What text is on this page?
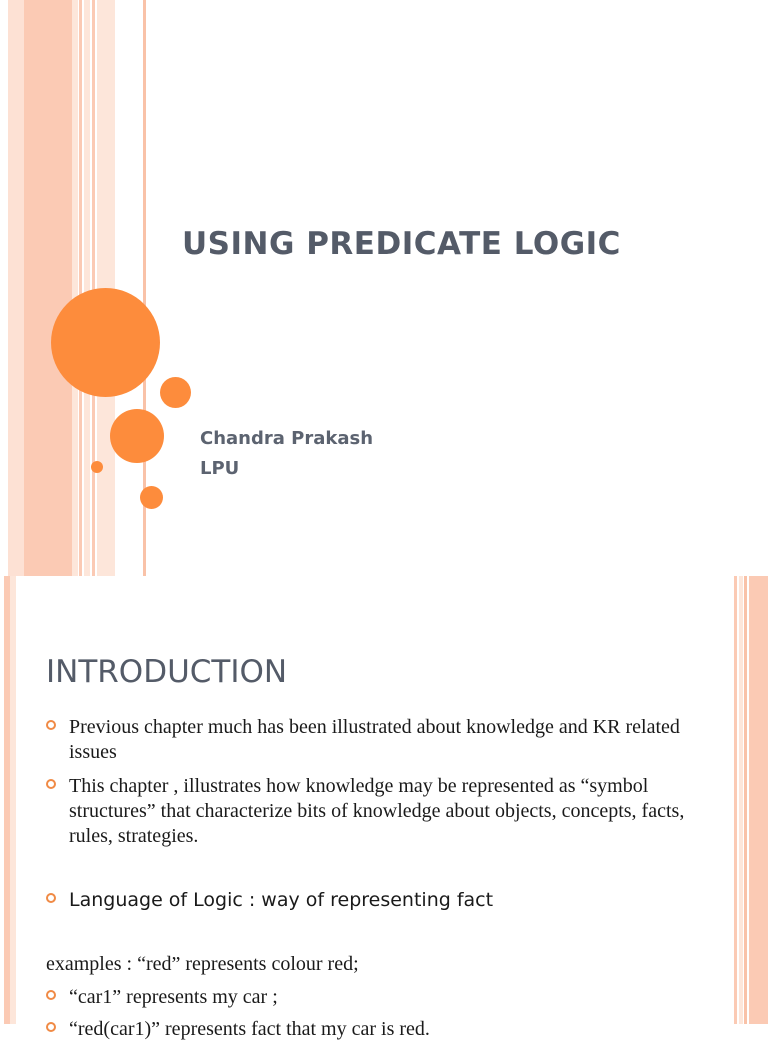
USING PREDICATE LOGIC
Chandra Prakash
LPU
INTRODUCTION
Previous chapter much has been illustrated about knowledge and KR related issues
This chapter , illustrates how knowledge may be represented as “symbol structures” that characterize bits of knowledge about objects, concepts, facts, rules, strategies.
Language of Logic : way of representing fact
examples : “red” represents colour red;
“car1” represents my car ;
“red(car1)” represents fact that my car is red.
